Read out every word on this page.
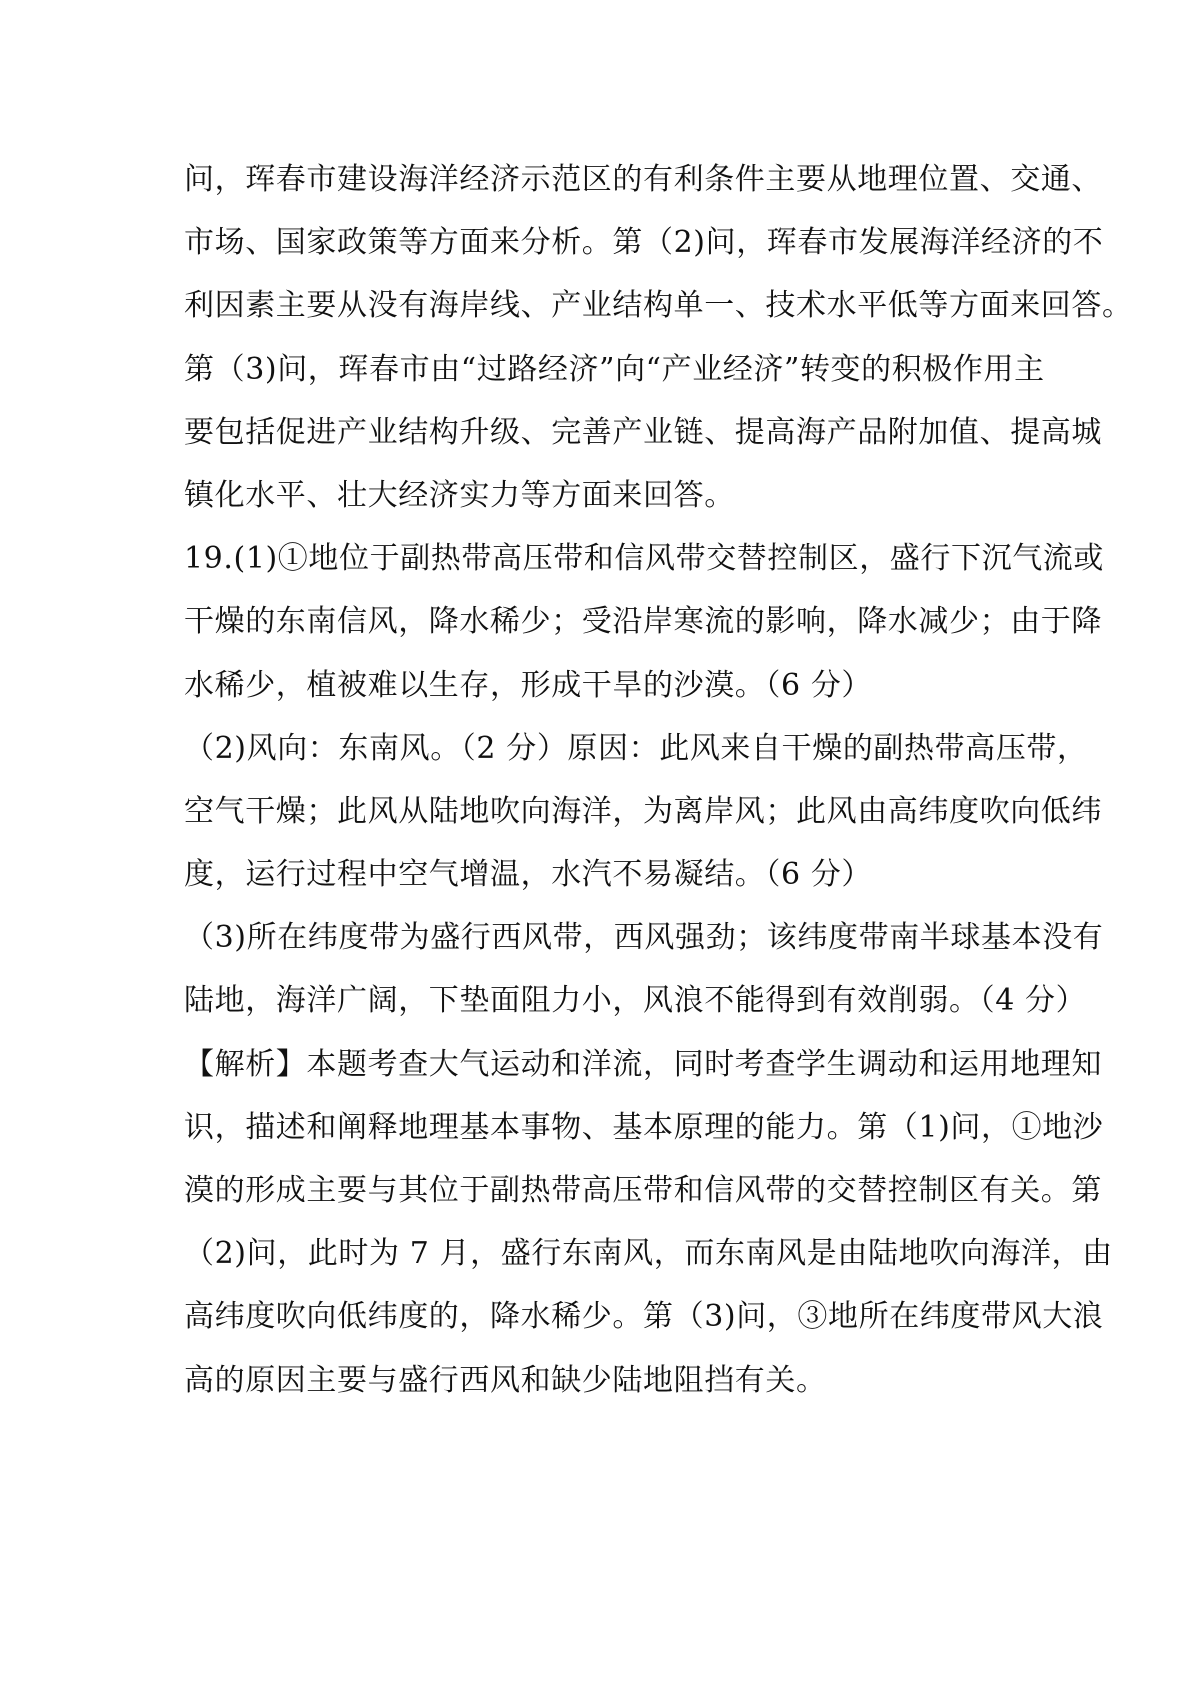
问，珲春市建设海洋经济示范区的有利条件主要从地理位置、交通、
市场、国家政策等方面来分析。第（2)问，珲春市发展海洋经济的不
利因素主要从没有海岸线、产业结构单一、技术水平低等方面来回答。
第（3)问，珲春市由“过路经济”向“产业经济”转变的积极作用主
要包括促进产业结构升级、完善产业链、提高海产品附加值、提高城
镇化水平、壮大经济实力等方面来回答。
19.(1)①地位于副热带高压带和信风带交替控制区，盛行下沉气流或
干燥的东南信风，降水稀少；受沿岸寒流的影响，降水减少；由于降
水稀少，植被难以生存，形成干旱的沙漠。（6 分）
（2)风向：东南风。（2 分）原因：此风来自干燥的副热带高压带，
空气干燥；此风从陆地吹向海洋，为离岸风；此风由高纬度吹向低纬
度，运行过程中空气增温，水汽不易凝结。（6 分）
（3)所在纬度带为盛行西风带，西风强劲；该纬度带南半球基本没有
陆地，海洋广阔，下垫面阻力小，风浪不能得到有效削弱。（4 分）
【解析】本题考查大气运动和洋流，同时考查学生调动和运用地理知
识，描述和阐释地理基本事物、基本原理的能力。第（1)问，①地沙
漠的形成主要与其位于副热带高压带和信风带的交替控制区有关。第
（2)问，此时为 7 月，盛行东南风，而东南风是由陆地吹向海洋，由
高纬度吹向低纬度的，降水稀少。第（3)问，③地所在纬度带风大浪
高的原因主要与盛行西风和缺少陆地阻挡有关。
